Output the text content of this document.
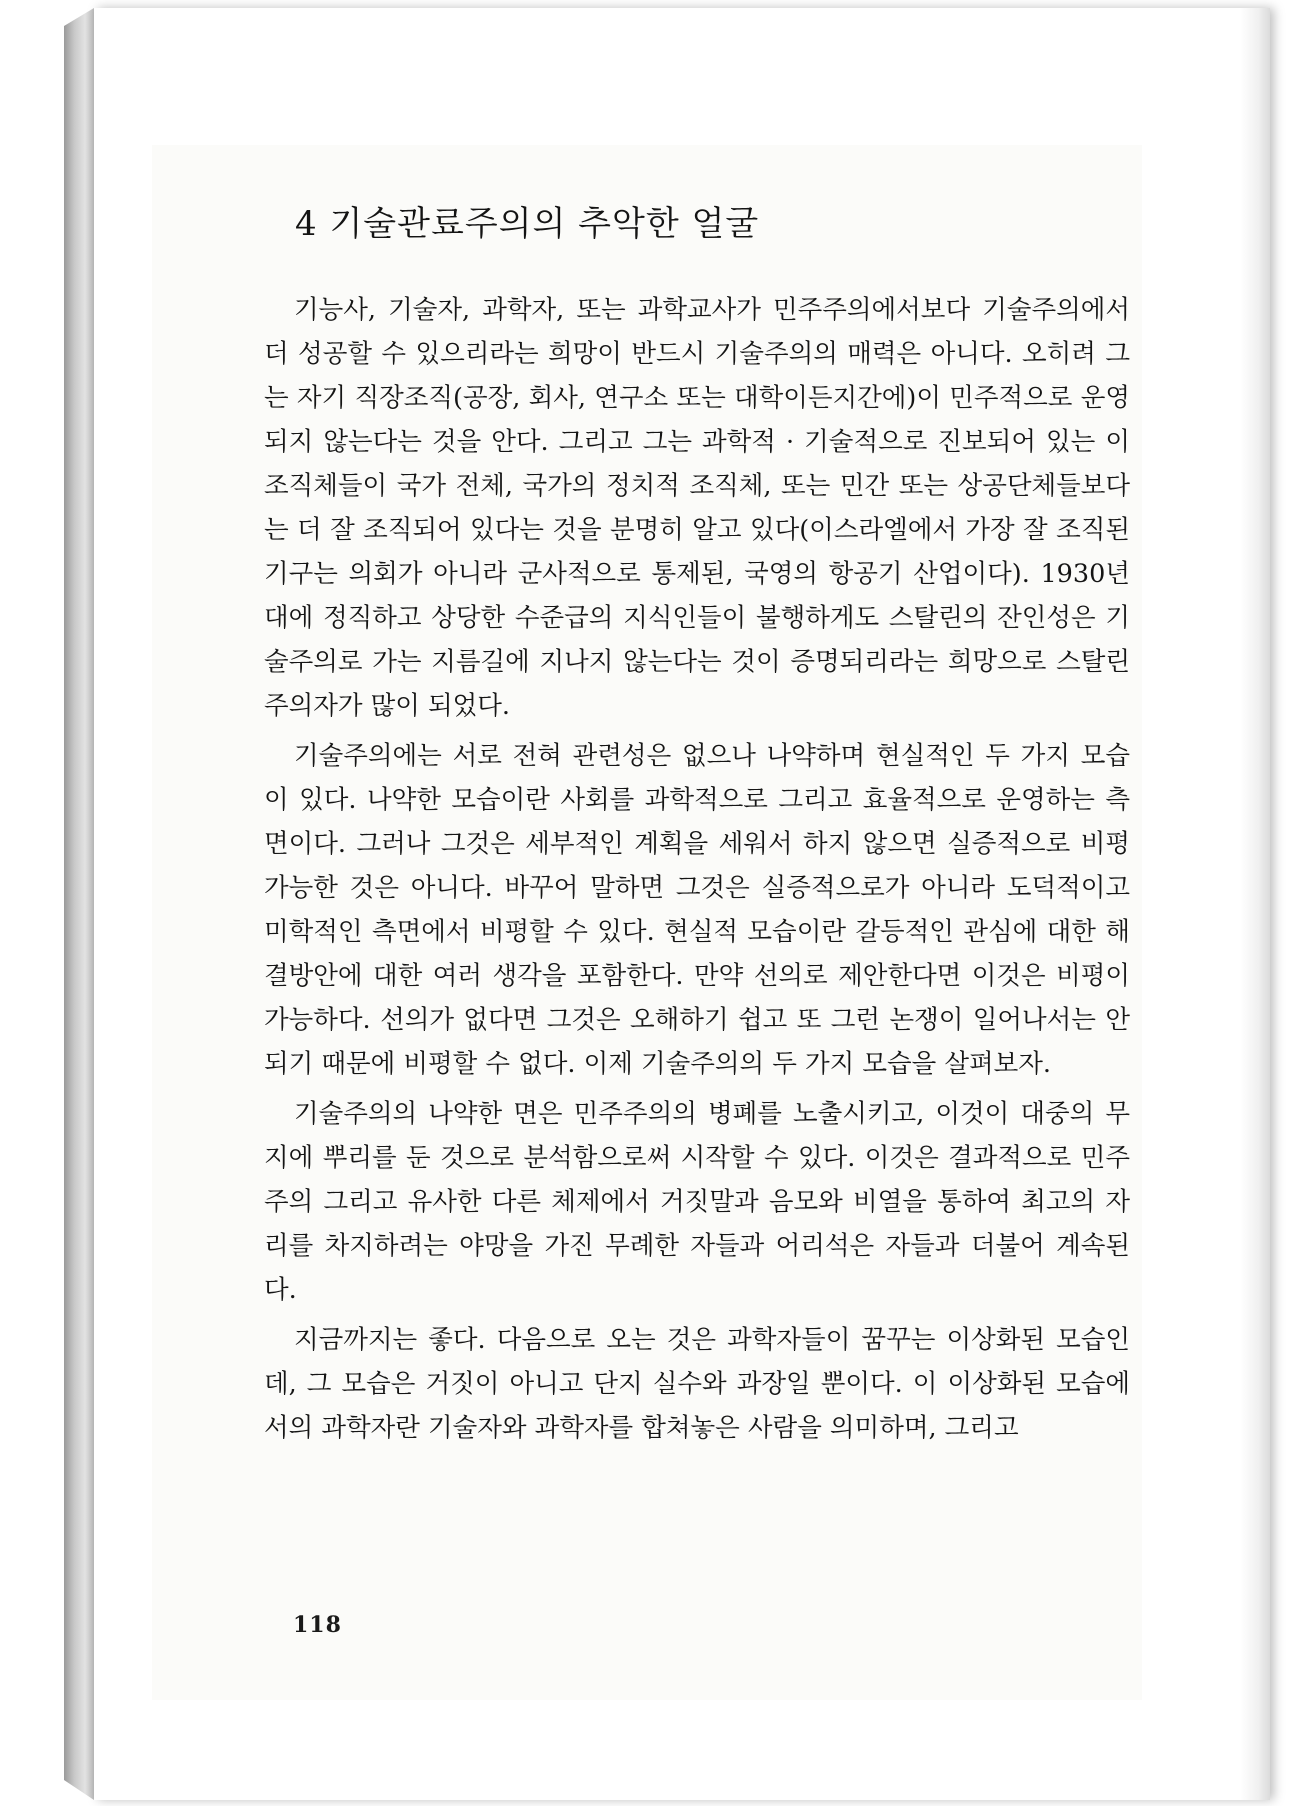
4 기술관료주의의 추악한 얼굴

기능사, 기술자, 과학자, 또는 과학교사가 민주주의에서보다 기술주의에서 더 성공할 수 있으리라는 희망이 반드시 기술주의의 매력은 아니다. 오히려 그는 자기 직장조직(공장, 회사, 연구소 또는 대학이든지간에)이 민주적으로 운영되지 않는다는 것을 안다. 그리고 그는 과학적 · 기술적으로 진보되어 있는 이 조직체들이 국가 전체, 국가의 정치적 조직체, 또는 민간 또는 상공단체들보다는 더 잘 조직되어 있다는 것을 분명히 알고 있다(이스라엘에서 가장 잘 조직된 기구는 의회가 아니라 군사적으로 통제된, 국영의 항공기 산업이다). 1930년대에 정직하고 상당한 수준급의 지식인들이 불행하게도 스탈린의 잔인성은 기술주의로 가는 지름길에 지나지 않는다는 것이 증명되리라는 희망으로 스탈린주의자가 많이 되었다.

기술주의에는 서로 전혀 관련성은 없으나 나약하며 현실적인 두 가지 모습이 있다. 나약한 모습이란 사회를 과학적으로 그리고 효율적으로 운영하는 측면이다. 그러나 그것은 세부적인 계획을 세워서 하지 않으면 실증적으로 비평 가능한 것은 아니다. 바꾸어 말하면 그것은 실증적으로가 아니라 도덕적이고 미학적인 측면에서 비평할 수 있다. 현실적 모습이란 갈등적인 관심에 대한 해결방안에 대한 여러 생각을 포함한다. 만약 선의로 제안한다면 이것은 비평이 가능하다. 선의가 없다면 그것은 오해하기 쉽고 또 그런 논쟁이 일어나서는 안 되기 때문에 비평할 수 없다. 이제 기술주의의 두 가지 모습을 살펴보자.

기술주의의 나약한 면은 민주주의의 병폐를 노출시키고, 이것이 대중의 무지에 뿌리를 둔 것으로 분석함으로써 시작할 수 있다. 이것은 결과적으로 민주주의 그리고 유사한 다른 체제에서 거짓말과 음모와 비열을 통하여 최고의 자리를 차지하려는 야망을 가진 무례한 자들과 어리석은 자들과 더불어 계속된다.

지금까지는 좋다. 다음으로 오는 것은 과학자들이 꿈꾸는 이상화된 모습인데, 그 모습은 거짓이 아니고 단지 실수와 과장일 뿐이다. 이 이상화된 모습에서의 과학자란 기술자와 과학자를 합쳐놓은 사람을 의미하며, 그리고

118
